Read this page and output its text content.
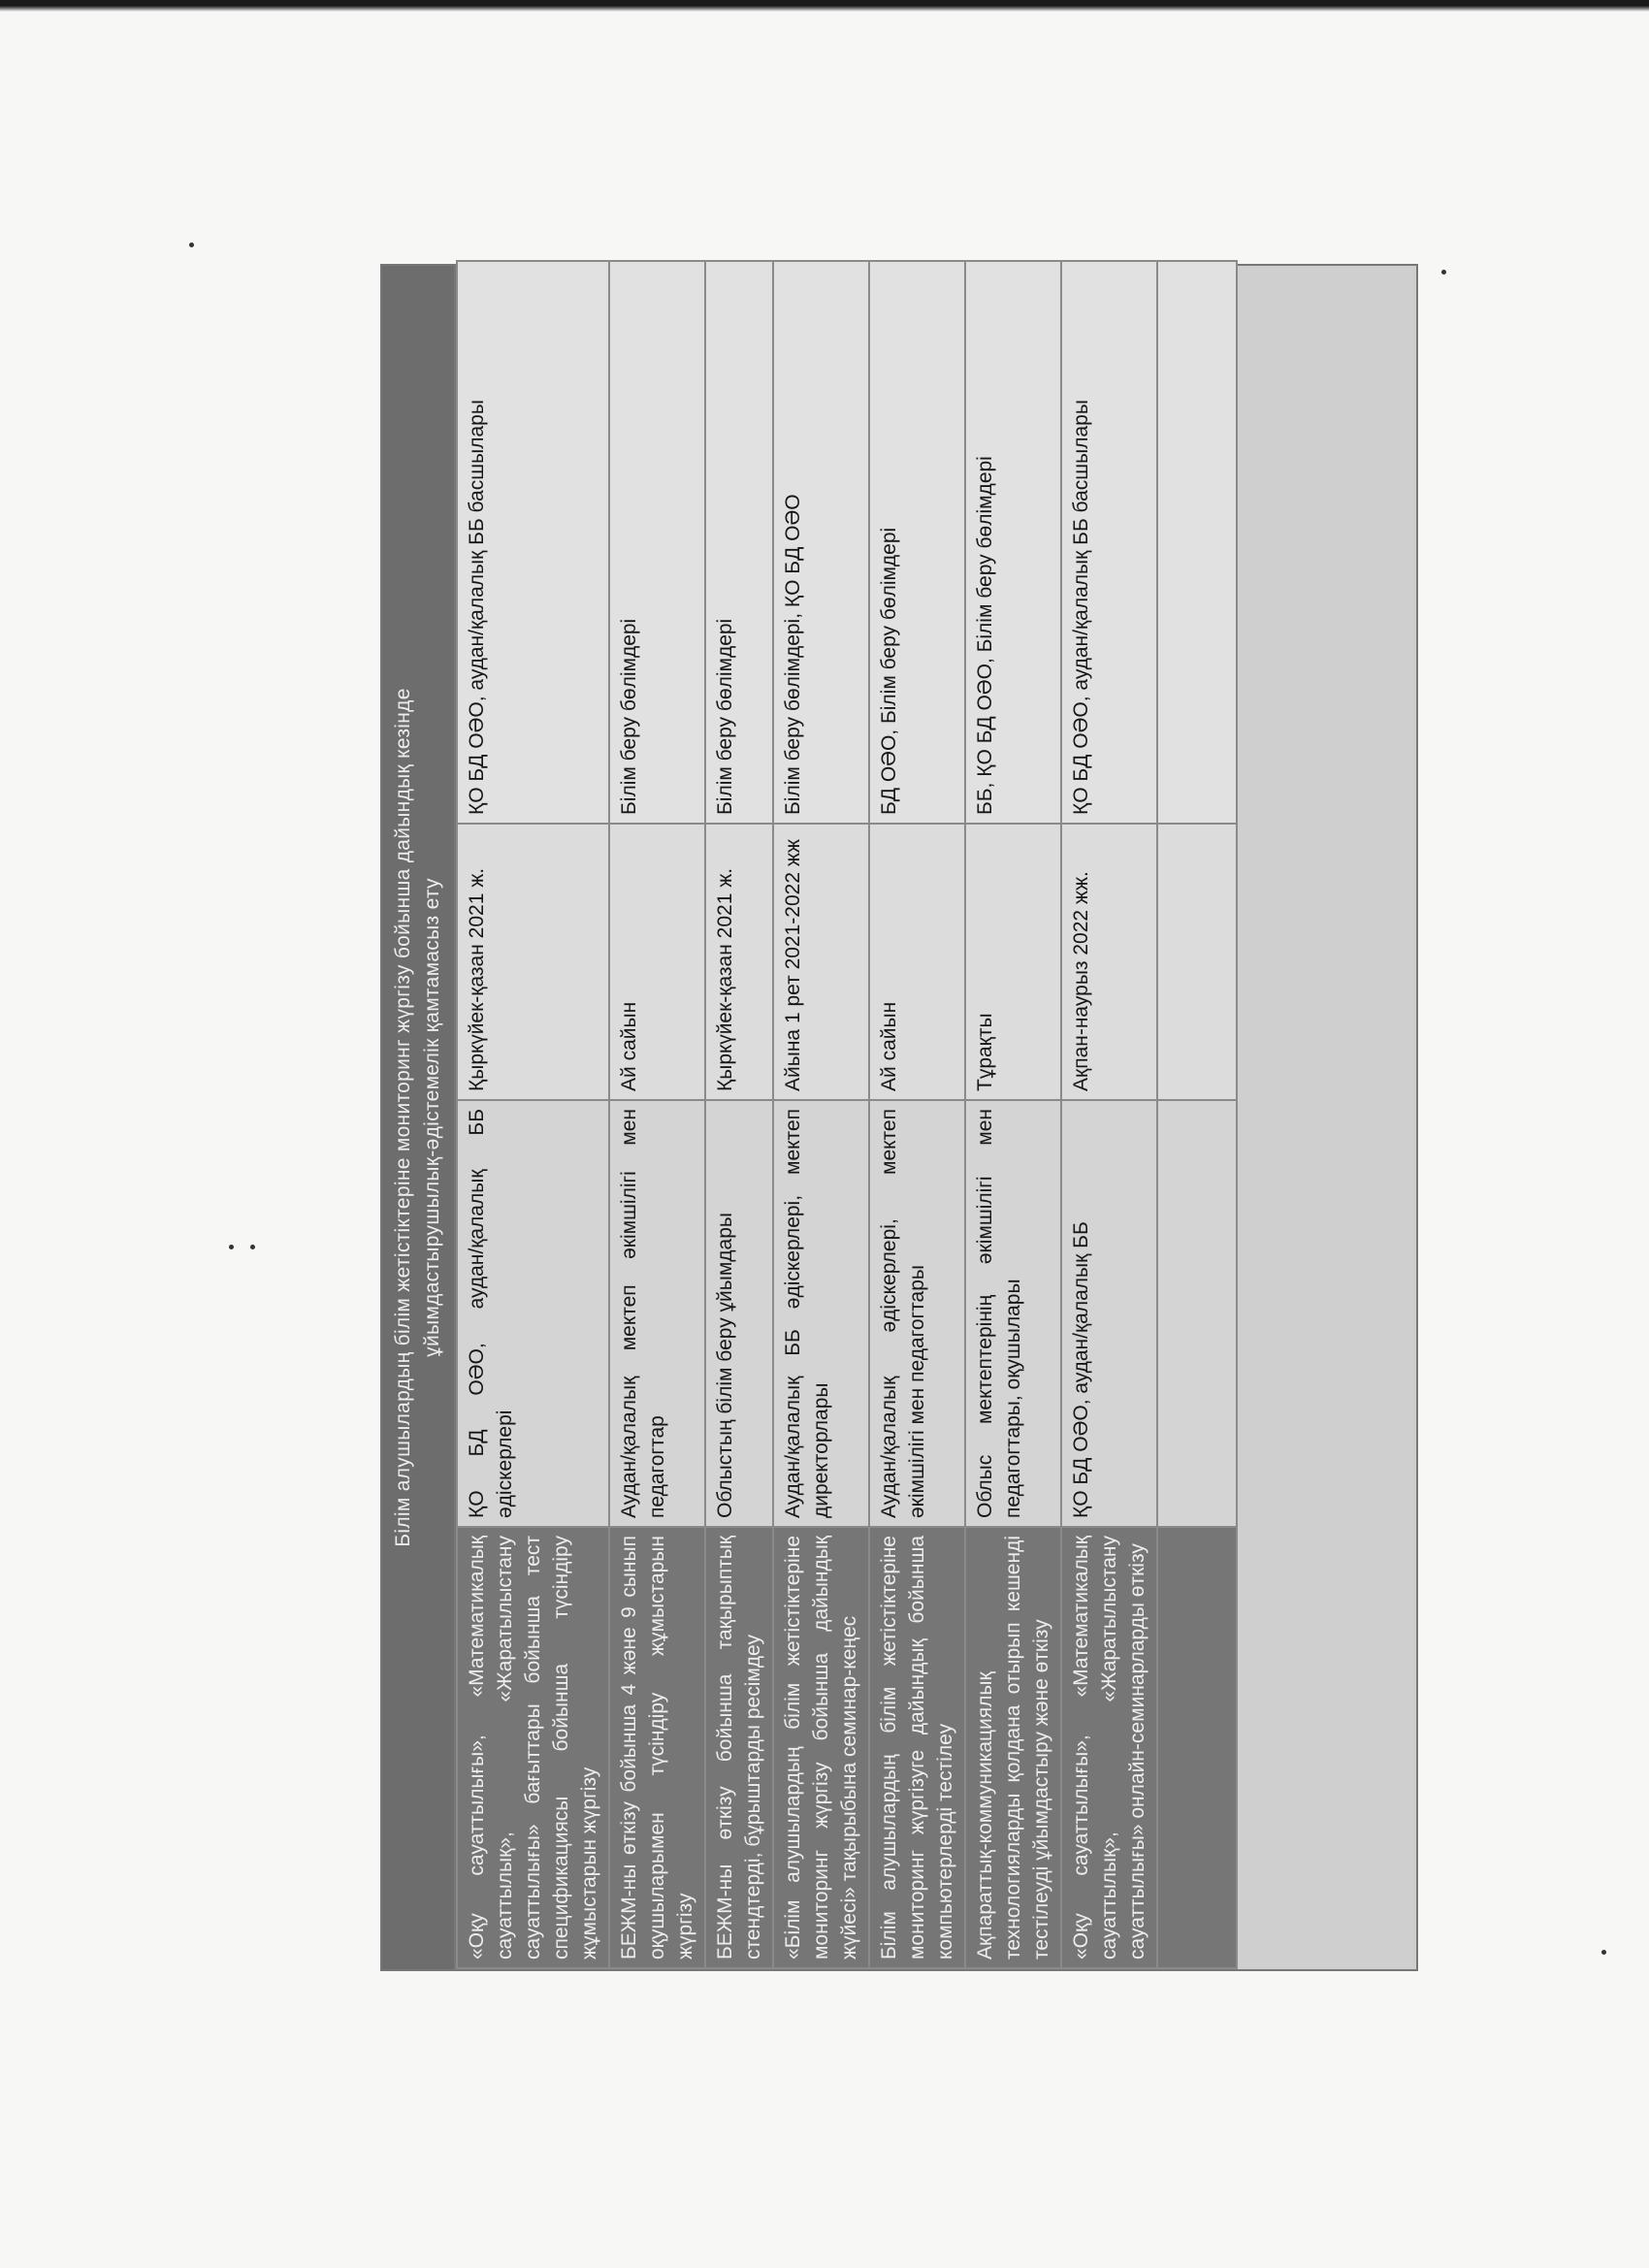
Білім алушылардың білім жетістіктеріне мониторинг жүргізу бойынша дайындық кезінде ұйымдастырушылық-әдістемелік қамтамасыз ету
«Оқу сауаттылығы», «Математикалық сауаттылық», «Жаратылыстану сауаттылығы» бағыттары бойынша тест спецификациясы бойынша түсіндіру жұмыстарын жүргізу	ҚО БД ОӘО, аудан/қалалық ББ әдіскерлері	Қыркүйек-қазан 2021 ж.	ҚО БД ОӘО, аудан/қалалық ББ басшылары
БЕЖМ-ны өткізу бойынша 4 және 9 сынып оқушыларымен түсіндіру жұмыстарын жүргізу	Аудан/қалалық мектеп әкімшілігі мен педагогтар	Ай сайын	Білім беру бөлімдері
БЕЖМ-ны өткізу бойынша тақырыптық стендтерді, бұрыштарды ресімдеу	Облыстың білім беру ұйымдары	Қыркүйек-қазан 2021 ж.	Білім беру бөлімдері
«Білім алушылардың білім жетістіктеріне мониторинг жүргізу бойынша дайындық жүйесі» тақырыбына семинар-кеңес	Аудан/қалалық ББ әдіскерлері, мектеп директорлары	Айына 1 рет 2021-2022 жж	Білім беру бөлімдері, ҚО БД ОӘО
Білім алушылардың білім жетістіктеріне мониторинг жүргізуге дайындық бойынша компьютерлерді тестілеу	Аудан/қалалық әдіскерлері, мектеп әкімшілігі мен педагогтары	Ай сайын	БД ОӘО, Білім беру бөлімдері
Ақпараттық-коммуникациялық технологияларды қолдана отырып кешенді тестілеуді ұйымдастыру және өткізу	Облыс мектептерінің әкімшілігі мен педагогтары, оқушылары	Тұрақты	ББ, ҚО БД ОӘО, Білім беру бөлімдері
«Оқу сауаттылығы», «Математикалық сауаттылық», «Жаратылыстану сауаттылығы» онлайн-семинарларды өткізу	ҚО БД ОӘО, аудан/қалалық ББ	Ақпан-наурыз 2022 жж.	ҚО БД ОӘО, аудан/қалалық ББ басшылары
